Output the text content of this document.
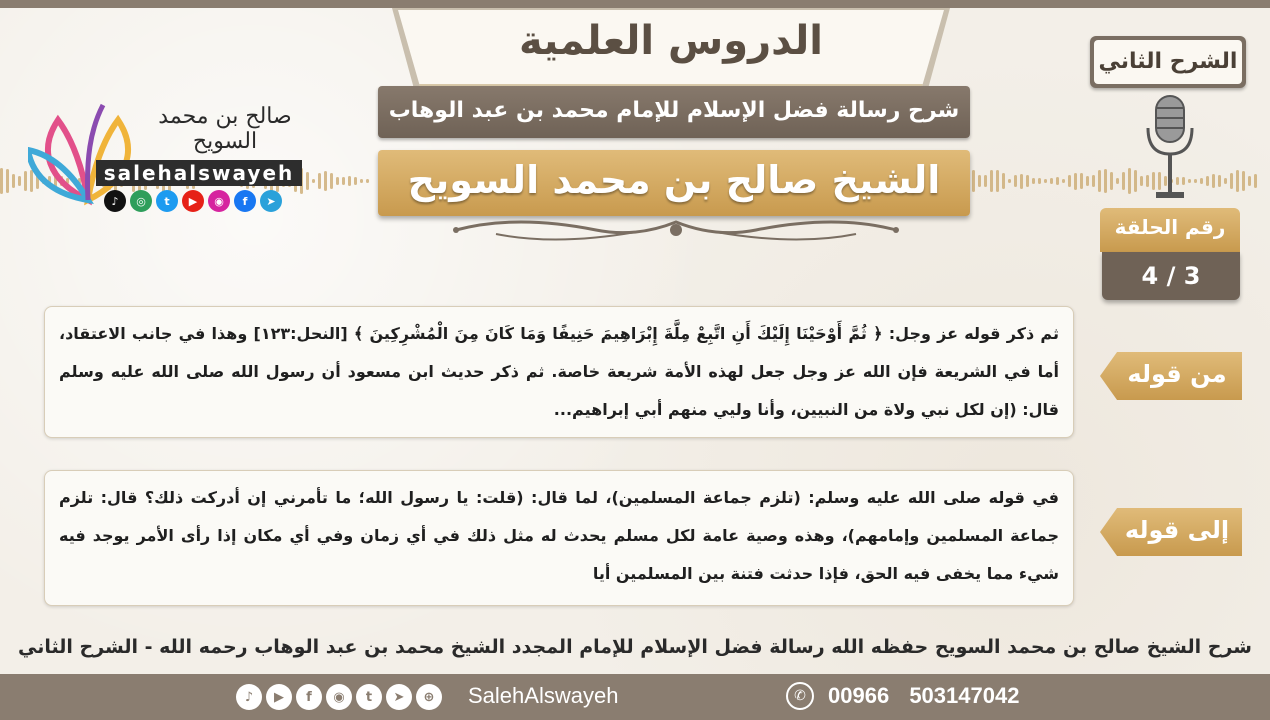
الدروس العلمية
شرح رسالة فضل الإسلام للإمام محمد بن عبد الوهاب
الشيخ صالح بن محمد السويح
صالح بن محمد السويح
salehalswayeh
♪	◎	t	▶	◉	f	➤
الشرح الثاني
رقم الحلقة
3 / 4
من قوله
ثم ذكر قوله عز وجل: ﴿ ثُمَّ أَوْحَيْنَا إِلَيْكَ أَنِ اتَّبِعْ مِلَّةَ إِبْرَاهِيمَ حَنِيفًا وَمَا كَانَ مِنَ الْمُشْرِكِينَ ﴾ [النحل:١٢٣] وهذا في جانب الاعتقاد، أما في الشريعة فإن الله عز وجل جعل لهذه الأمة شريعة خاصة. ثم ذكر حديث ابن مسعود أن رسول الله صلى الله عليه وسلم قال: (إن لكل نبي ولاة من النبيين، وأنا وليي منهم أبي إبراهيم...
إلى قوله
في قوله صلى الله عليه وسلم: (تلزم جماعة المسلمين)، لما قال: (قلت: يا رسول الله؛ ما تأمرني إن أدركت ذلك؟ قال: تلزم جماعة المسلمين وإمامهم)، وهذه وصية عامة لكل مسلم يحدث له مثل ذلك في أي زمان وفي أي مكان إذا رأى الأمر يوجد فيه شيء مما يخفى فيه الحق، فإذا حدثت فتنة بين المسلمين أيا
شرح الشيخ صالح بن محمد السويح حفظه الله رسالة فضل الإسلام للإمام المجدد الشيخ محمد بن عبد الوهاب رحمه الله - الشرح الثاني
♪	▶	f	◉	t	➤	⊕	SalehAlswayeh	✆	00966 503147042
